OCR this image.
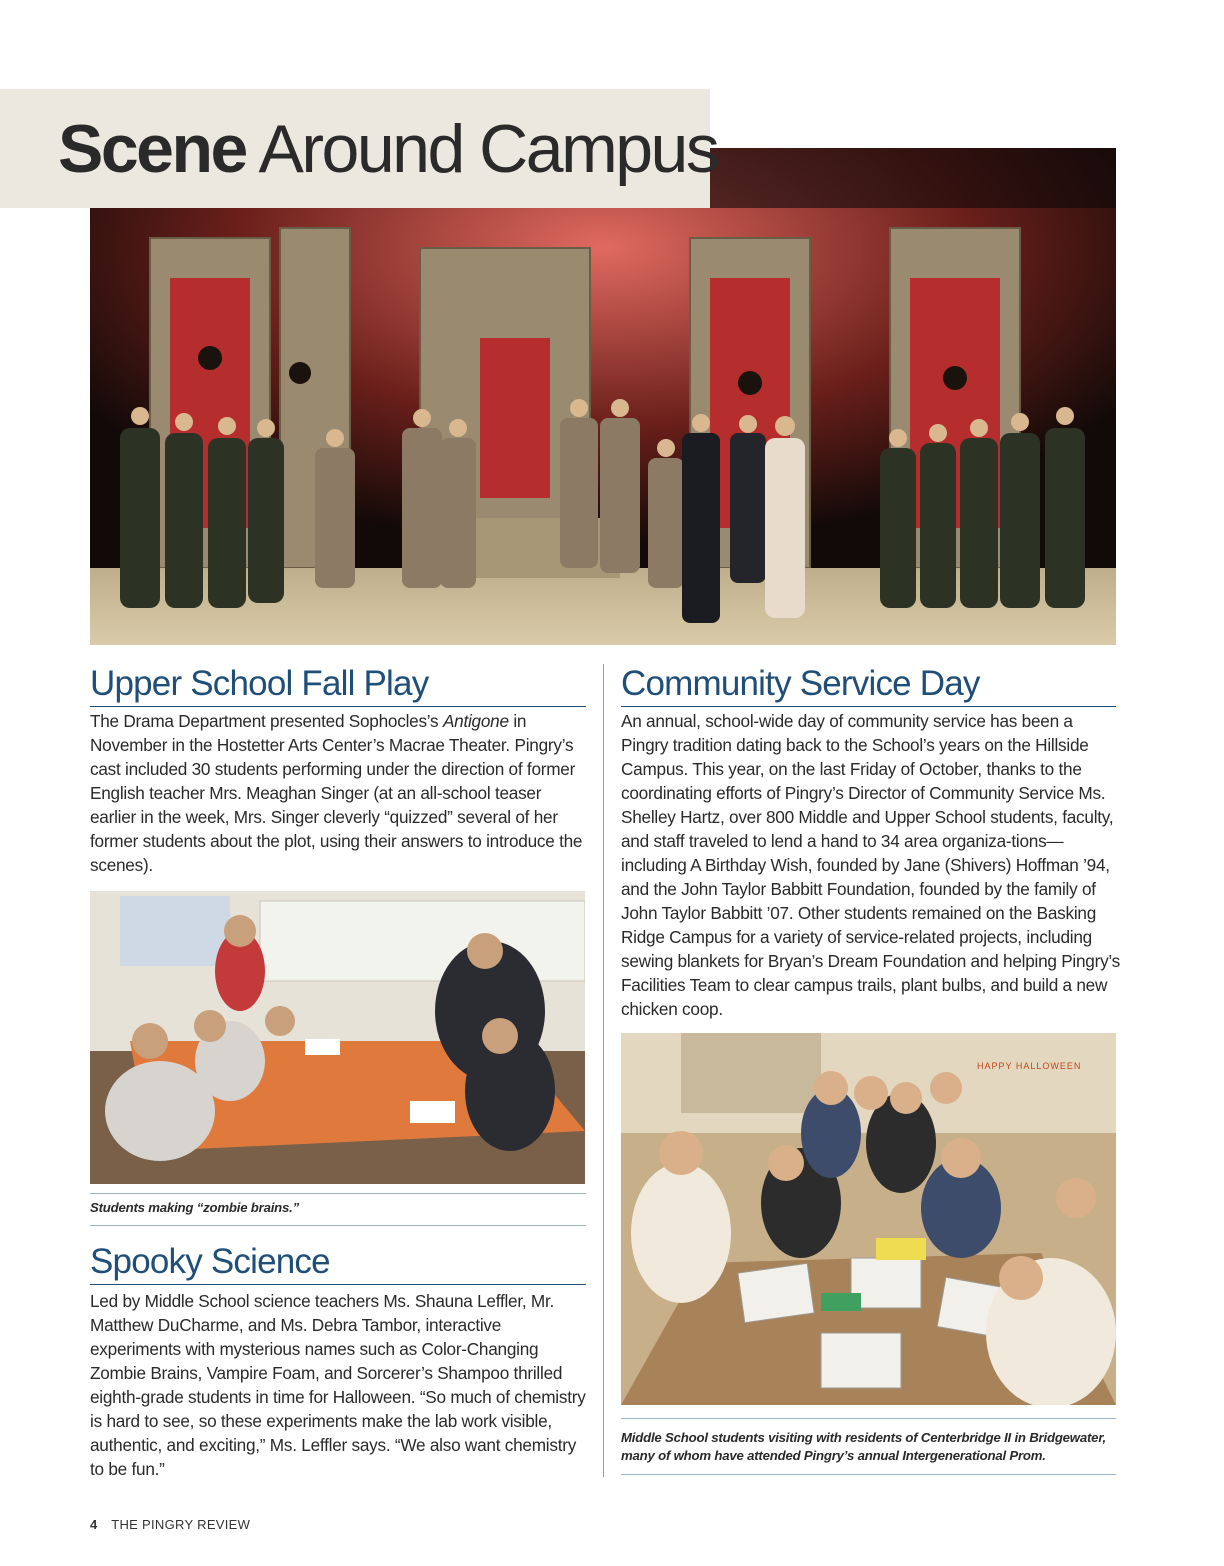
Scene Around Campus
Upper School Fall Play

The Drama Department presented Sophocles’s Antigone in November in the Hostetter Arts Center’s Macrae Theater. Pingry’s cast included 30 students performing under the direction of former English teacher Mrs. Meaghan Singer (at an all-school teaser earlier in the week, Mrs. Singer cleverly “quizzed” several of her former students about the plot, using their answers to introduce the scenes).

Students making “zombie brains.”

Spooky Science

Led by Middle School science teachers Ms. Shauna Leffler, Mr. Matthew DuCharme, and Ms. Debra Tambor, interactive experiments with mysterious names such as Color-Changing Zombie Brains, Vampire Foam, and Sorcerer’s Shampoo thrilled eighth-grade students in time for Halloween. “So much of chemistry is hard to see, so these experiments make the lab work visible, authentic, and exciting,” Ms. Leffler says. “We also want chemistry to be fun.”

Community Service Day

An annual, school-wide day of community service has been a Pingry tradition dating back to the School’s years on the Hillside Campus. This year, on the last Friday of October, thanks to the coordinating efforts of Pingry’s Director of Community Service Ms. Shelley Hartz, over 800 Middle and Upper School students, faculty, and staff traveled to lend a hand to 34 area organiza-tions—including A Birthday Wish, founded by Jane (Shivers) Hoffman ’94, and the John Taylor Babbitt Foundation, founded by the family of John Taylor Babbitt ’07. Other students remained on the Basking Ridge Campus for a variety of service-related projects, including sewing blankets for Bryan’s Dream Foundation and helping Pingry’s Facilities Team to clear campus trails, plant bulbs, and build a new chicken coop.

HAPPY HALLOWEEN

Middle School students visiting with residents of Centerbridge II in Bridgewater, many of whom have attended Pingry’s annual Intergenerational Prom.

4 THE PINGRY REVIEW
